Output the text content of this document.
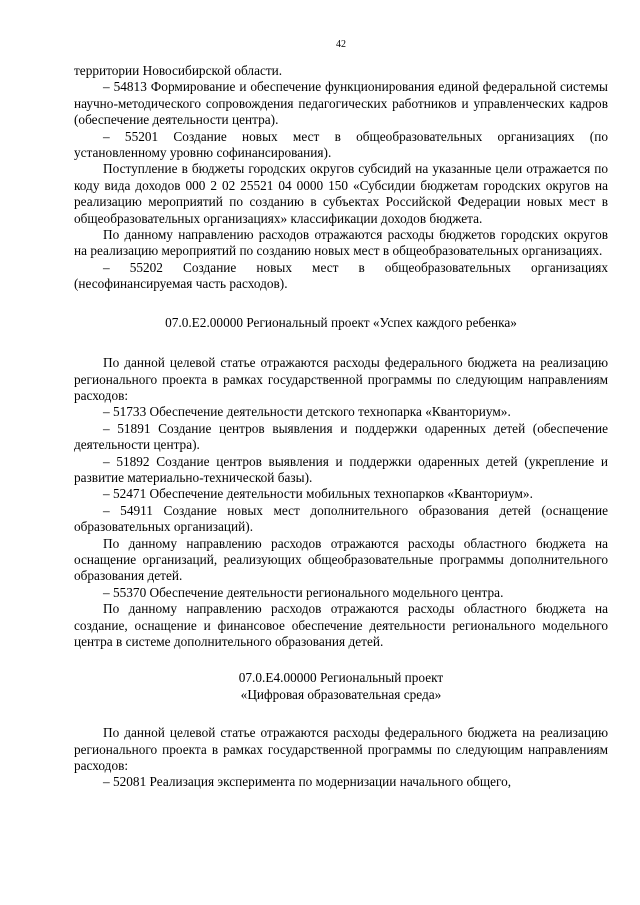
42

территории Новосибирской области.

– 54813 Формирование и обеспечение функционирования единой федеральной системы научно-методического сопровождения педагогических работников и управленческих кадров (обеспечение деятельности центра).

– 55201 Создание новых мест в общеобразовательных организациях (по установленному уровню софинансирования).

Поступление в бюджеты городских округов субсидий на указанные цели отражается по коду вида доходов 000 2 02 25521 04 0000 150 «Субсидии бюджетам городских округов на реализацию мероприятий по созданию в субъектах Российской Федерации новых мест в общеобразовательных организациях» классификации доходов бюджета.

По данному направлению расходов отражаются расходы бюджетов городских округов на реализацию мероприятий по созданию новых мест в общеобразовательных организациях.

– 55202 Создание новых мест в общеобразовательных организациях (несофинансируемая часть расходов).

07.0.Е2.00000 Региональный проект «Успех каждого ребенка»

По данной целевой статье отражаются расходы федерального бюджета на реализацию регионального проекта в рамках государственной программы по следующим направлениям расходов:

– 51733 Обеспечение деятельности детского технопарка «Кванториум».

– 51891 Создание центров выявления и поддержки одаренных детей (обеспечение деятельности центра).

– 51892 Создание центров выявления и поддержки одаренных детей (укрепление и развитие материально-технической базы).

– 52471 Обеспечение деятельности мобильных технопарков «Кванториум».

– 54911 Создание новых мест дополнительного образования детей (оснащение образовательных организаций).

По данному направлению расходов отражаются расходы областного бюджета на оснащение организаций, реализующих общеобразовательные программы дополнительного образования детей.

– 55370 Обеспечение деятельности регионального модельного центра.

По данному направлению расходов отражаются расходы областного бюджета на создание, оснащение и финансовое обеспечение деятельности регионального модельного центра в системе дополнительного образования детей.

07.0.Е4.00000 Региональный проект
«Цифровая образовательная среда»

По данной целевой статье отражаются расходы федерального бюджета на реализацию регионального проекта в рамках государственной программы по следующим направлениям расходов:

– 52081 Реализация эксперимента по модернизации начального общего,
